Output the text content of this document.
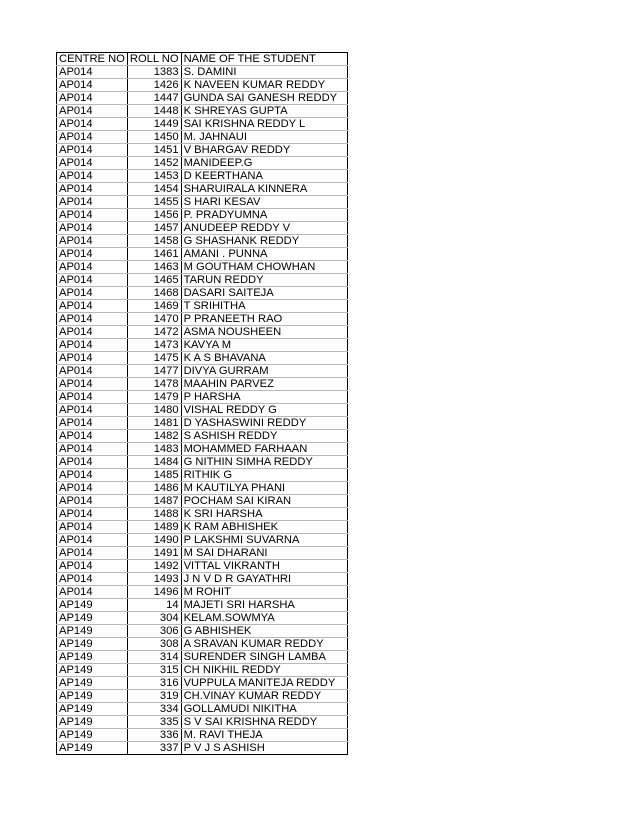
CENTRE NO	ROLL NO	NAME OF THE STUDENT
AP014	1383	S. DAMINI
AP014	1426	K NAVEEN KUMAR REDDY
AP014	1447	GUNDA SAI GANESH REDDY
AP014	1448	K SHREYAS GUPTA
AP014	1449	SAI KRISHNA REDDY L
AP014	1450	M. JAHNAUI
AP014	1451	V BHARGAV REDDY
AP014	1452	MANIDEEP.G
AP014	1453	D KEERTHANA
AP014	1454	SHARUIRALA KINNERA
AP014	1455	S HARI KESAV
AP014	1456	P. PRADYUMNA
AP014	1457	ANUDEEP REDDY V
AP014	1458	G SHASHANK REDDY
AP014	1461	AMANI . PUNNA
AP014	1463	M GOUTHAM CHOWHAN
AP014	1465	TARUN REDDY
AP014	1468	DASARI SAITEJA
AP014	1469	T SRIHITHA
AP014	1470	P PRANEETH RAO
AP014	1472	ASMA NOUSHEEN
AP014	1473	KAVYA M
AP014	1475	K A S BHAVANA
AP014	1477	DIVYA GURRAM
AP014	1478	MAAHIN PARVEZ
AP014	1479	P HARSHA
AP014	1480	VISHAL REDDY G
AP014	1481	D YASHASWINI REDDY
AP014	1482	S ASHISH REDDY
AP014	1483	MOHAMMED FARHAAN
AP014	1484	G NITHIN SIMHA REDDY
AP014	1485	RITHIK G
AP014	1486	M KAUTILYA PHANI
AP014	1487	POCHAM SAI KIRAN
AP014	1488	K SRI HARSHA
AP014	1489	K RAM ABHISHEK
AP014	1490	P LAKSHMI SUVARNA
AP014	1491	M SAI DHARANI
AP014	1492	VITTAL VIKRANTH
AP014	1493	J N V D R GAYATHRI
AP014	1496	M ROHIT
AP149	14	MAJETI SRI HARSHA
AP149	304	KELAM.SOWMYA
AP149	306	G ABHISHEK
AP149	308	A SRAVAN KUMAR REDDY
AP149	314	SURENDER SINGH LAMBA
AP149	315	CH NIKHIL REDDY
AP149	316	VUPPULA MANITEJA REDDY
AP149	319	CH.VINAY KUMAR REDDY
AP149	334	GOLLAMUDI NIKITHA
AP149	335	S V SAI KRISHNA REDDY
AP149	336	M. RAVI THEJA
AP149	337	P V J S ASHISH
